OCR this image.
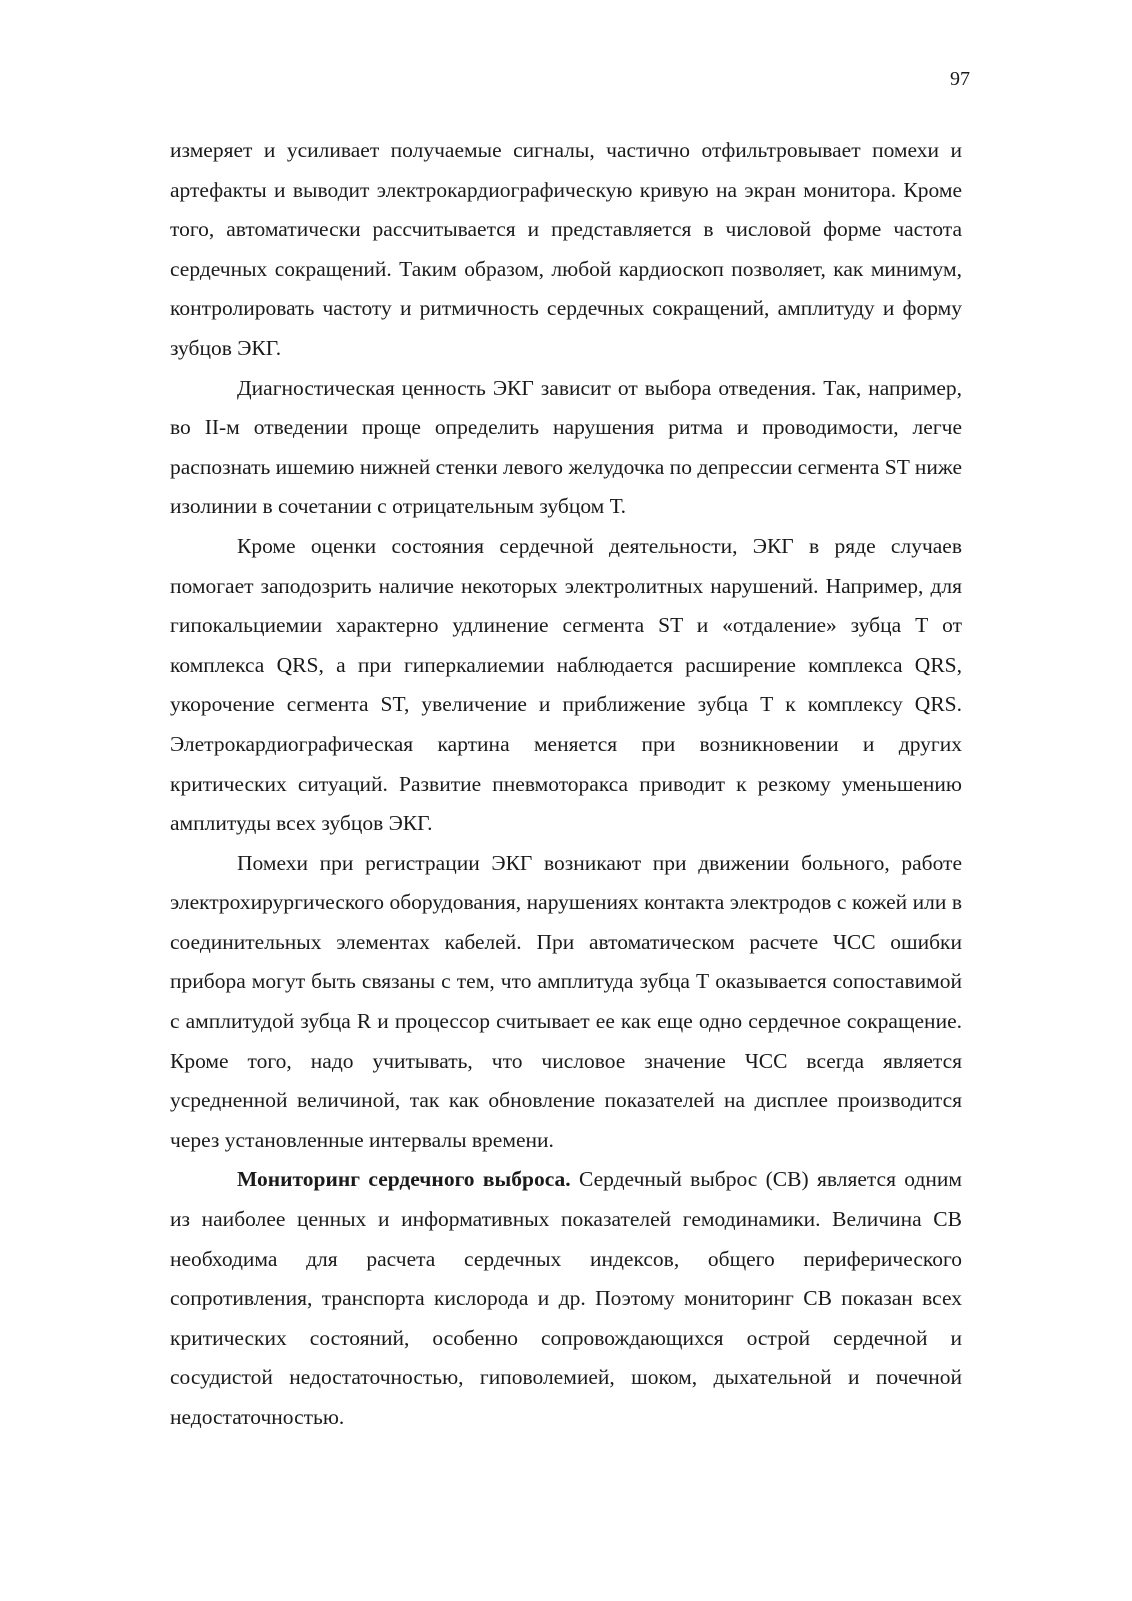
97

измеряет и усиливает получаемые сигналы, частично отфильтровывает помехи и артефакты и выводит электрокардиографическую кривую на экран монитора. Кроме того, автоматически рассчитывается и представляется в числовой форме частота сердечных сокращений. Таким образом, любой кардиоскоп позволяет, как минимум, контролировать частоту и ритмичность сердечных сокращений, амплитуду и форму зубцов ЭКГ.

Диагностическая ценность ЭКГ зависит от выбора отведения. Так, например, во II-м отведении проще определить нарушения ритма и проводимости, легче распознать ишемию нижней стенки левого желудочка по депрессии сегмента ST ниже изолинии в сочетании с отрицательным зубцом Т.

Кроме оценки состояния сердечной деятельности, ЭКГ в ряде случаев помогает заподозрить наличие некоторых электролитных нарушений. Например, для гипокальциемии характерно удлинение сегмента ST и «отдаление» зубца Т от комплекса QRS, а при гиперкалиемии наблюдается расширение комплекса QRS, укорочение сегмента ST, увеличение и приближение зубца Т к комплексу QRS. Элетрокардиографическая картина меняется при возникновении и других критических ситуаций. Развитие пневмоторакса приводит к резкому уменьшению амплитуды всех зубцов ЭКГ.

Помехи при регистрации ЭКГ возникают при движении больного, работе электрохирургического оборудования, нарушениях контакта электродов с кожей или в соединительных элементах кабелей. При автоматическом расчете ЧСС ошибки прибора могут быть связаны с тем, что амплитуда зубца Т оказывается сопоставимой с амплитудой зубца R и процессор считывает ее как еще одно сердечное сокращение. Кроме того, надо учитывать, что числовое значение ЧСС всегда является усредненной величиной, так как обновление показателей на дисплее производится через установленные интервалы времени.

Мониторинг сердечного выброса. Сердечный выброс (СВ) является одним из наиболее ценных и информативных показателей гемодинамики. Величина СВ необходима для расчета сердечных индексов, общего периферического сопротивления, транспорта кислорода и др. Поэтому мониторинг СВ показан всех критических состояний, особенно сопровождающихся острой сердечной и сосудистой недостаточностью, гиповолемией, шоком, дыхательной и почечной недостаточностью.
